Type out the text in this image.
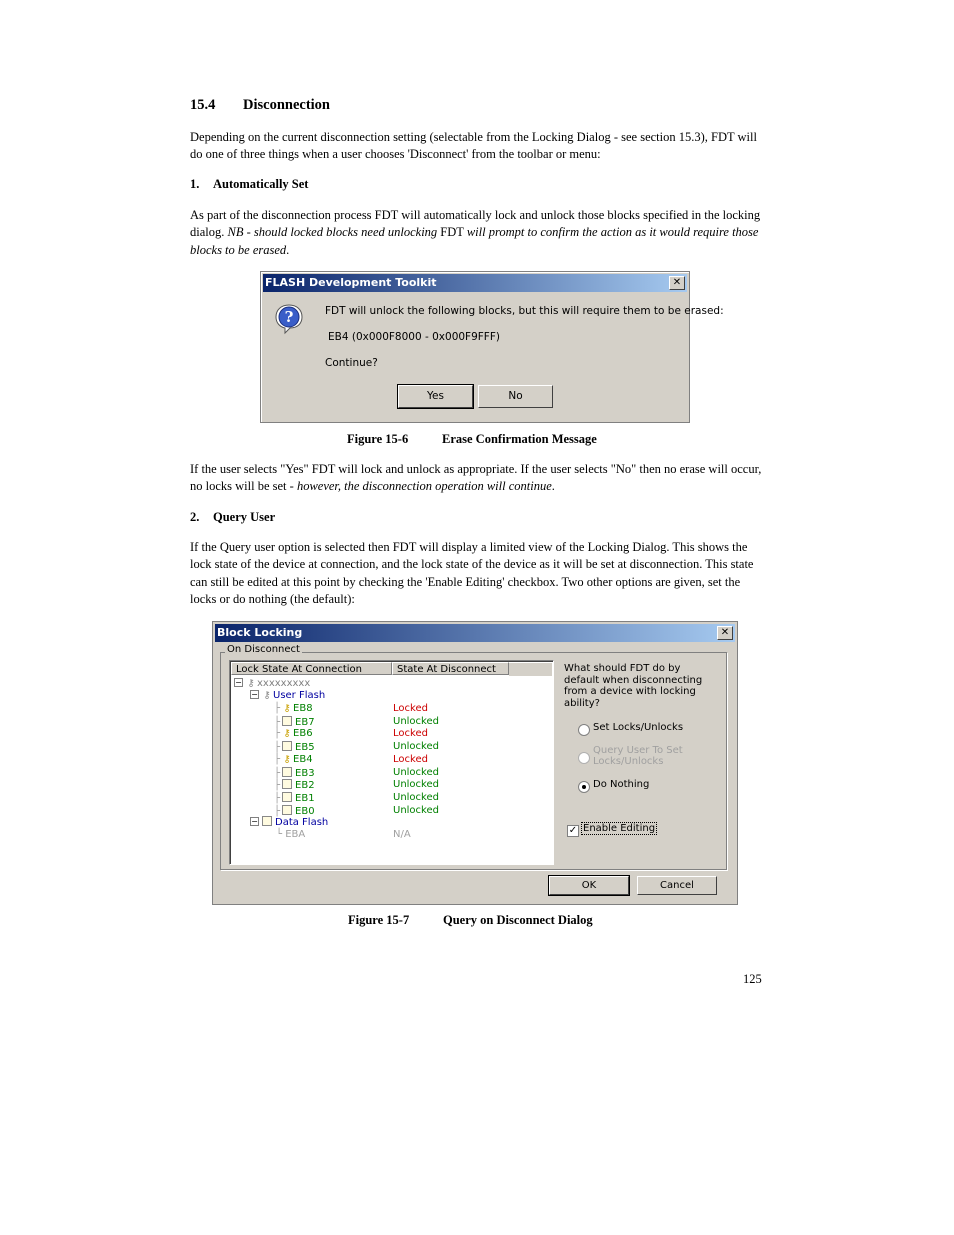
15.4 Disconnection
Depending on the current disconnection setting (selectable from the Locking Dialog - see section 15.3), FDT will do one of three things when a user chooses 'Disconnect' from the toolbar or menu:
1. Automatically Set
As part of the disconnection process FDT will automatically lock and unlock those blocks specified in the locking dialog. NB - should locked blocks need unlocking FDT will prompt to confirm the action as it would require those blocks to be erased.
FLASH Development Toolkit	✕
?	FDT will unlock the following blocks, but this will require them to be erased:
EB4 (0x000F8000 - 0x000F9FFF)
Continue?
Yes	No
Figure 15-6	Erase Confirmation Message
If the user selects "Yes" FDT will lock and unlock as appropriate. If the user selects "No" then no erase will occur, no locks will be set - however, the disconnection operation will continue.
2. Query User
If the Query user option is selected then FDT will display a limited view of the Locking Dialog. This shows the lock state of the device at connection, and the lock state of the device as it will be set at disconnection. This state can still be edited at this point by checking the 'Enable Editing' checkbox. Two other options are given, set the locks or do nothing (the default):
Block Locking	✕
On Disconnect
Lock State At Connection	State At Disconnect
− ⚷ xxxxxxxxx
− ⚷ User Flash
├ ⚷ EB8	Locked
├ EB7	Unlocked
├ ⚷ EB6	Locked
├ EB5	Unlocked
├ ⚷ EB4	Locked
├ EB3	Unlocked
├ EB2	Unlocked
├ EB1	Unlocked
├ EB0	Unlocked
− Data Flash
└ EBA	N/A
What should FDT do by default when disconnecting from a device with locking ability?
Set Locks/Unlocks
Query User To Set Locks/Unlocks
Do Nothing
✓ Enable Editing
OK	Cancel
Figure 15-7	Query on Disconnect Dialog
125
